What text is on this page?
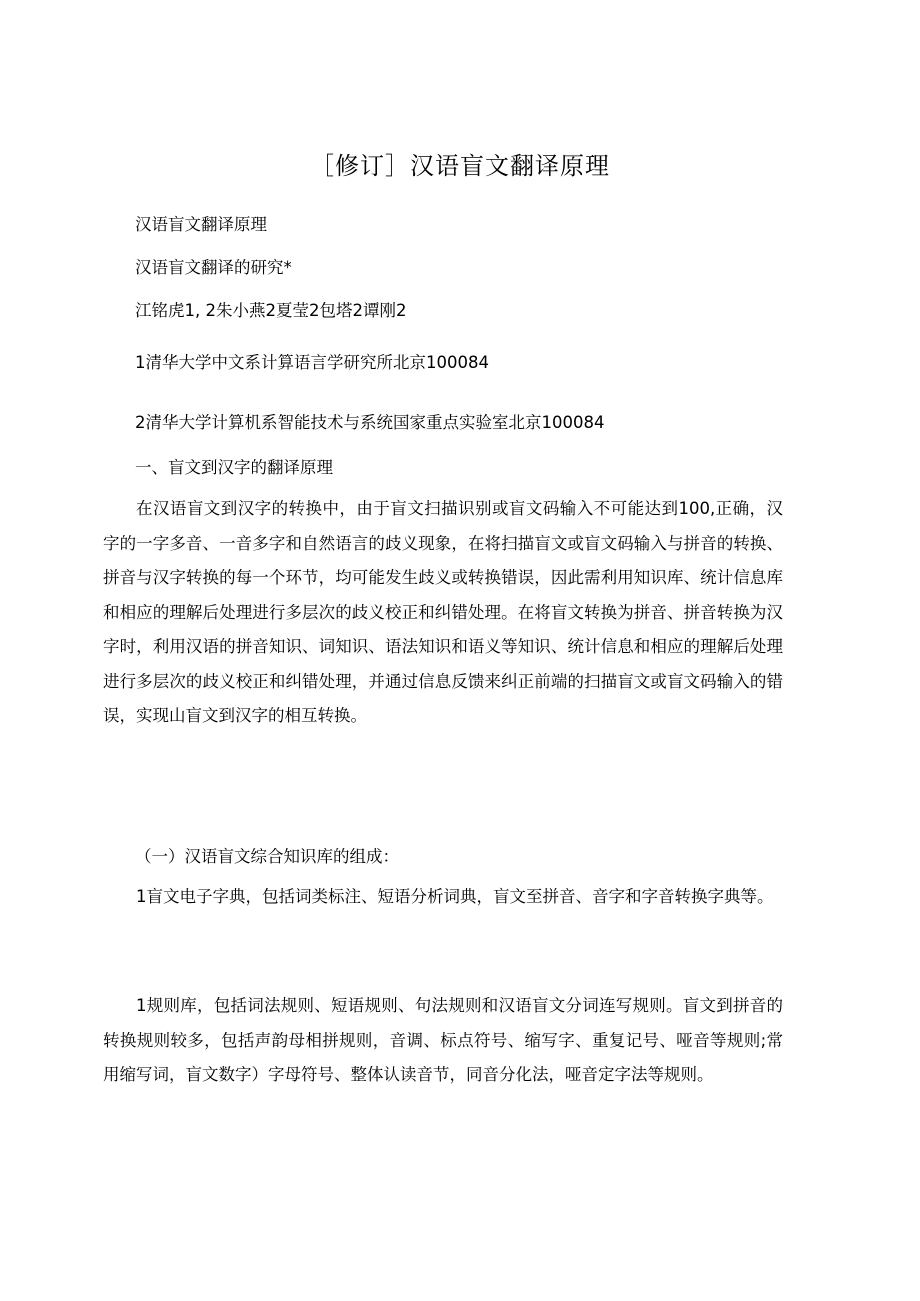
［修订］汉语盲文翻译原理
汉语盲文翻译原理
汉语盲文翻译的研究*
江铭虎1, 2朱小燕2夏莹2包塔2谭刚2
1清华大学中文系计算语言学研究所北京100084
2清华大学计算机系智能技术与系统国家重点实验室北京100084
一、盲文到汉字的翻译原理

在汉语盲文到汉字的转换中，由于盲文扫描识别或盲文码输入不可能达到100,正确，汉字的一字多音、一音多字和自然语言的歧义现象，在将扫描盲文或盲文码输入与拼音的转换、拼音与汉字转换的每一个环节，均可能发生歧义或转换错误，因此需利用知识库、统计信息库和相应的理解后处理进行多层次的歧义校正和纠错处理。在将盲文转换为拼音、拼音转换为汉字时，利用汉语的拼音知识、词知识、语法知识和语义等知识、统计信息和相应的理解后处理进行多层次的歧义校正和纠错处理，并通过信息反馈来纠正前端的扫描盲文或盲文码输入的错误，实现山盲文到汉字的相互转换。

（一）汉语盲文综合知识库的组成：

1盲文电子字典，包括词类标注、短语分析词典，盲文至拼音、音字和字音转换字典等。

1规则库，包括词法规则、短语规则、句法规则和汉语盲文分词连写规则。盲文到拼音的转换规则较多，包括声韵母相拼规则，音调、标点符号、缩写字、重复记号、哑音等规则;常用缩写词，盲文数字）字母符号、整体认读音节，同音分化法，哑音定字法等规则。
